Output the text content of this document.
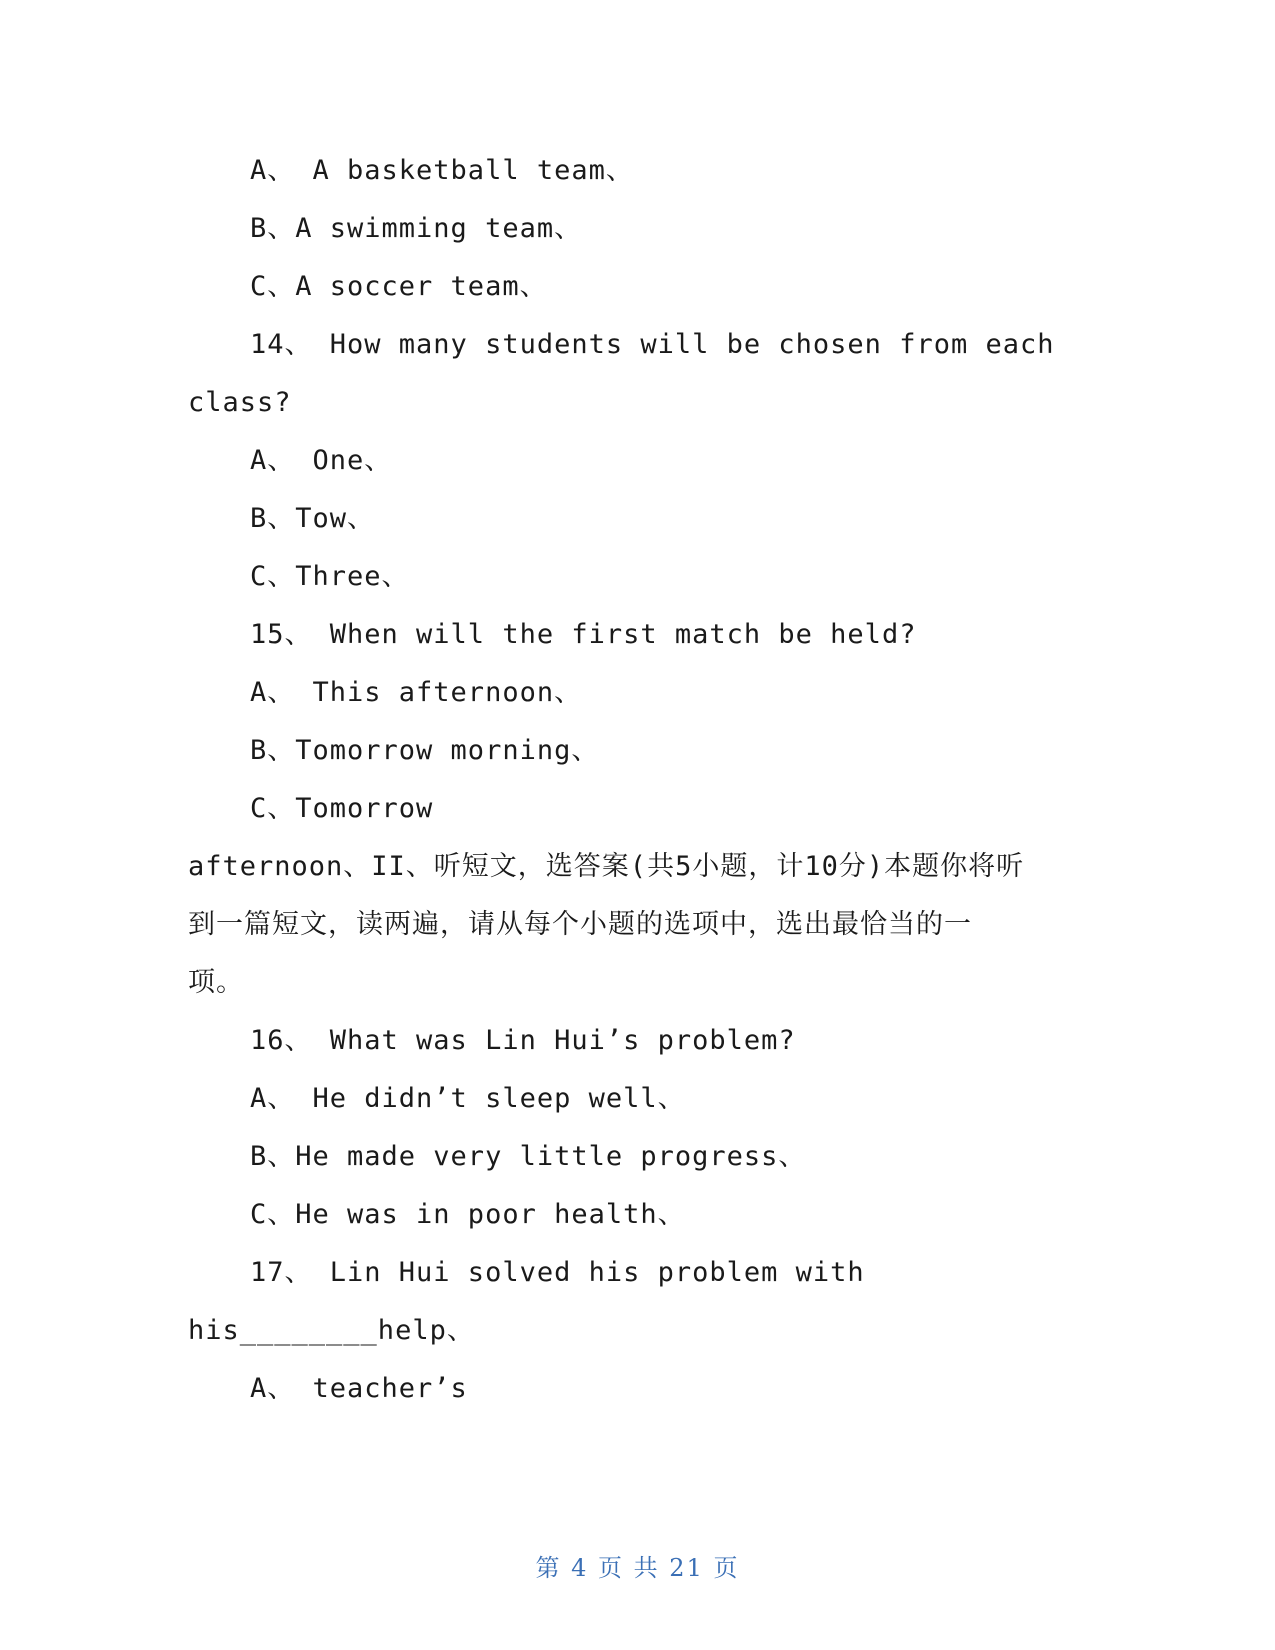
A、 A basketball team、
B、A swimming team、
C、A soccer team、
14、 How many students will be chosen from each
class?
A、 One、
B、Tow、
C、Three、
15、 When will the first match be held?
A、 This afternoon、
B、Tomorrow morning、
C、Tomorrow
afternoon、II、听短文，选答案(共5小题，计10分)本题你将听
到一篇短文，读两遍，请从每个小题的选项中，选出最恰当的一
项。
16、 What was Lin Hui’s problem?
A、 He didn’t sleep well、
B、He made very little progress、
C、He was in poor health、
17、 Lin Hui solved his problem with
his________help、
A、 teacher’s
第 4 页 共 21 页
